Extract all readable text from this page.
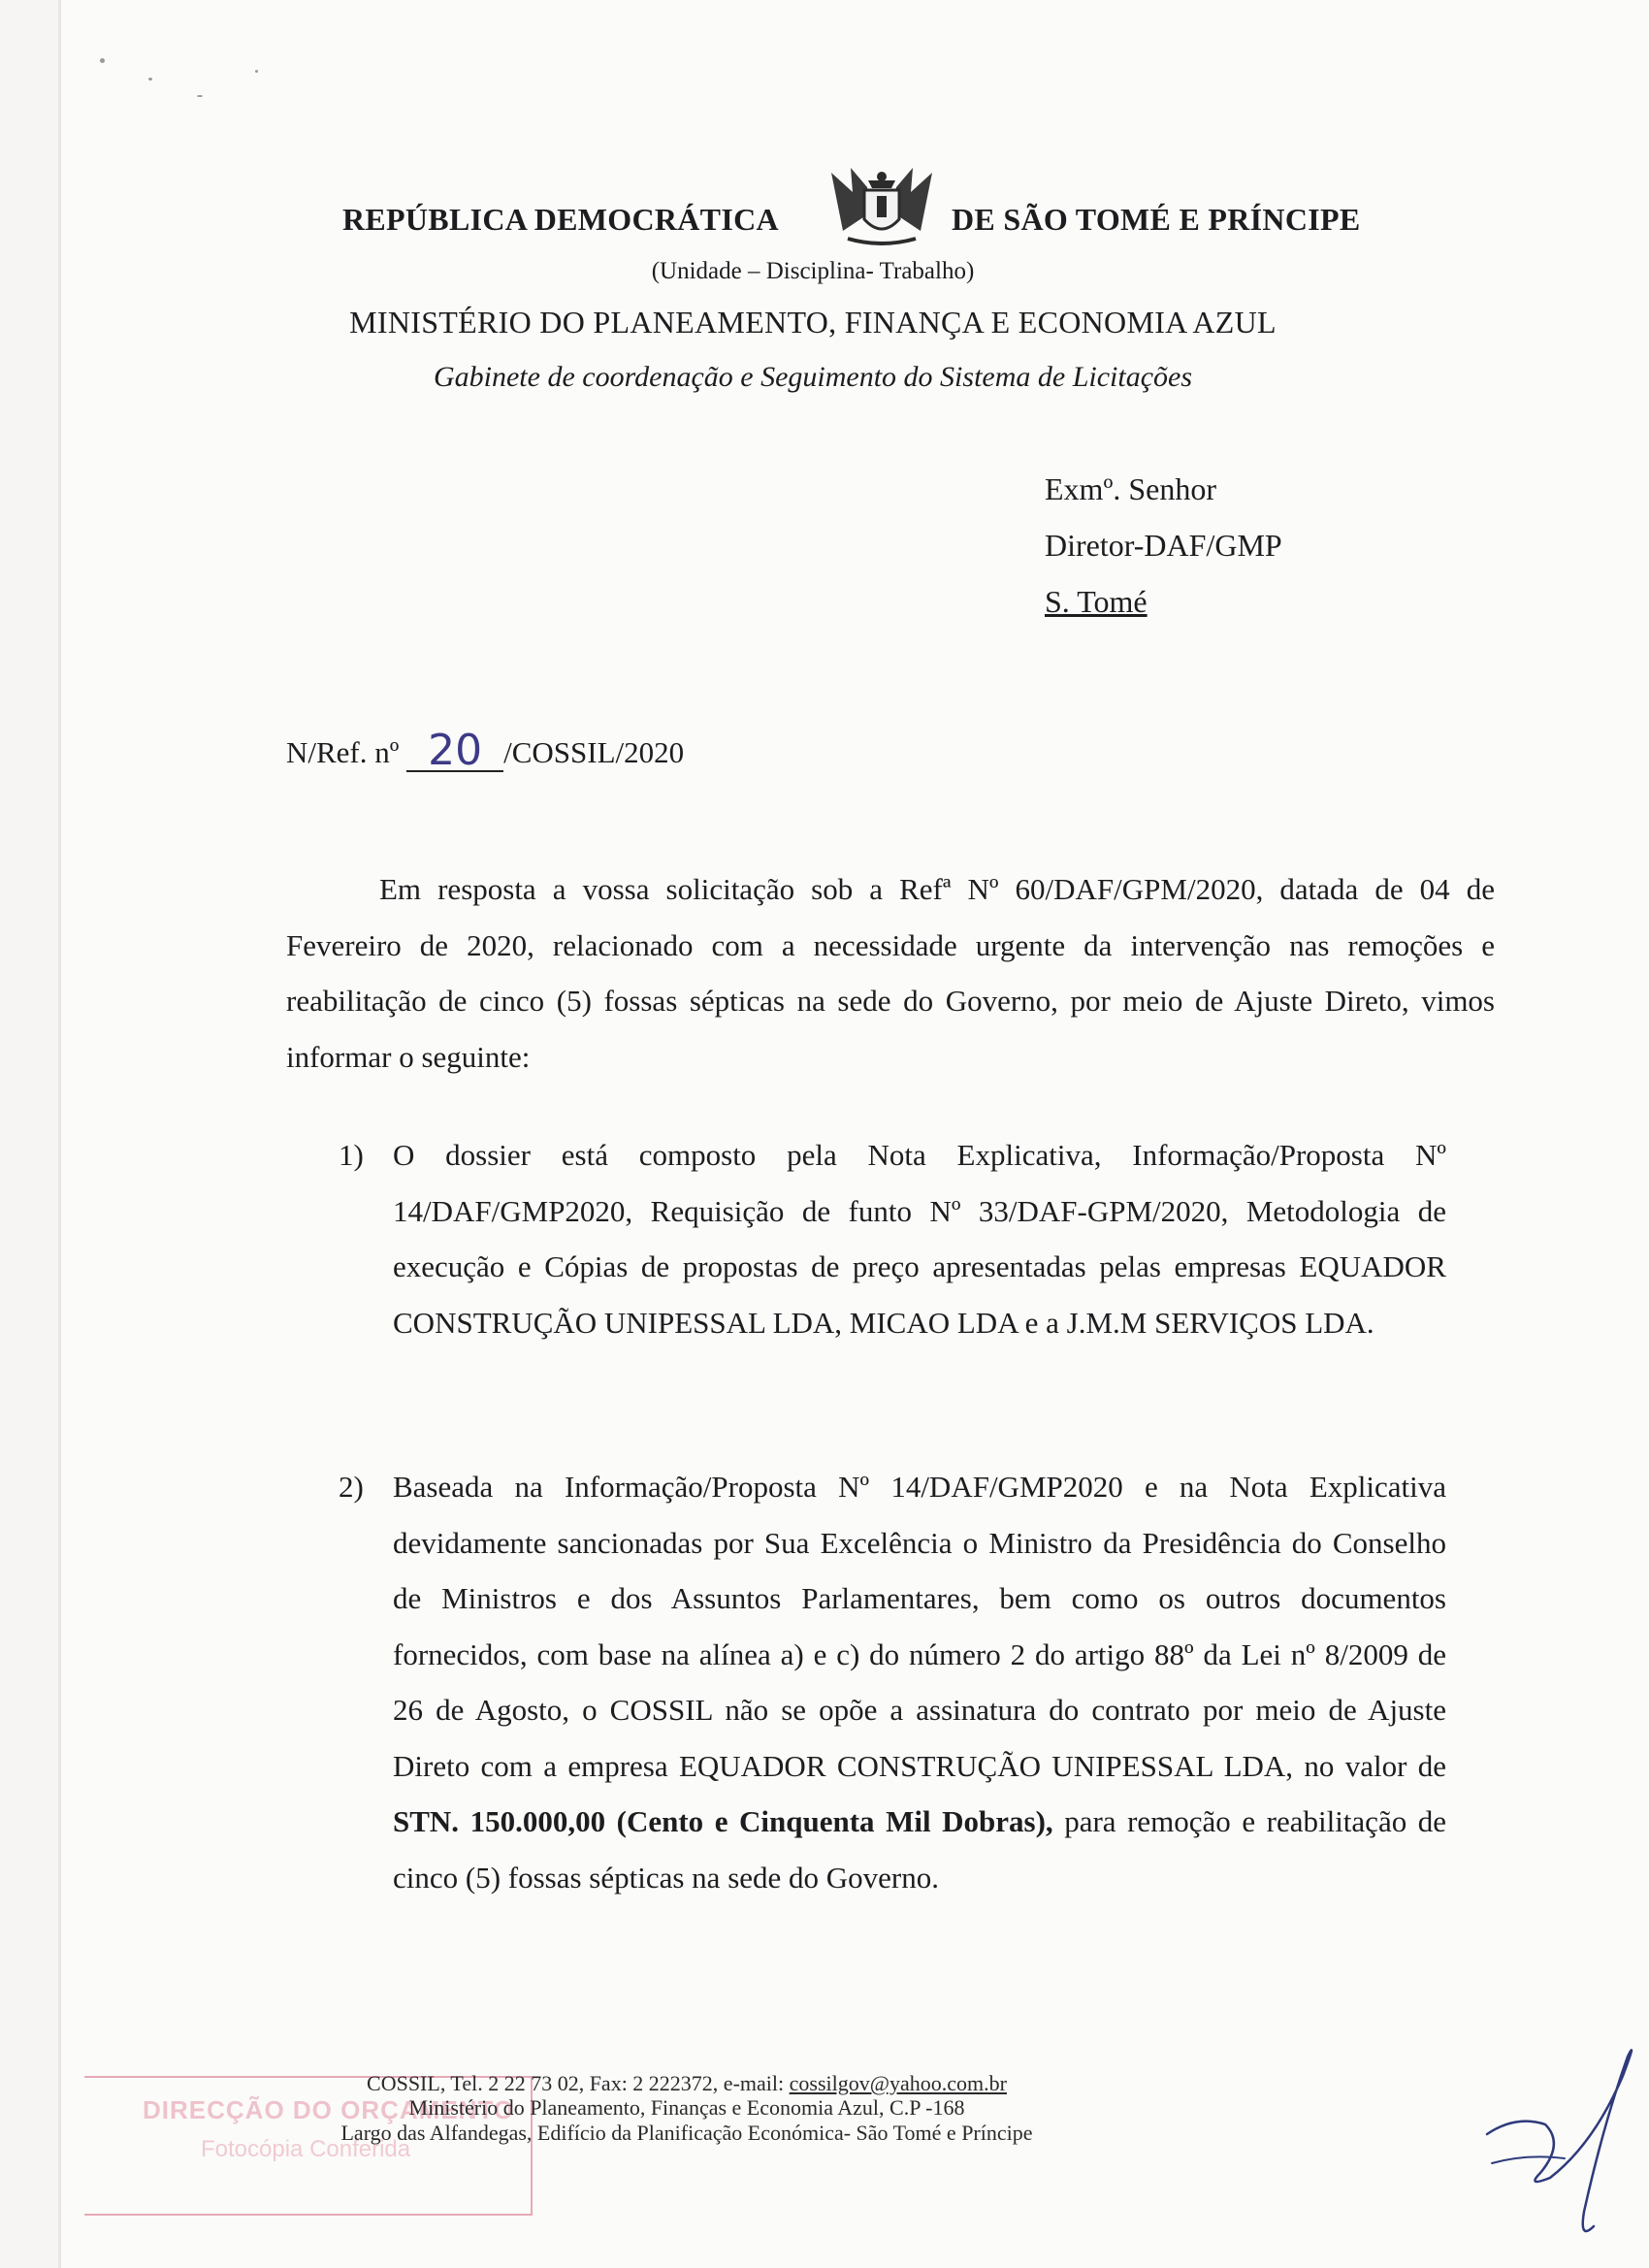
REPÚBLICA DEMOCRÁTICA	DE SÃO TOMÉ E PRÍNCIPE
(Unidade – Disciplina- Trabalho)
MINISTÉRIO DO PLANEAMENTO, FINANÇA E ECONOMIA AZUL
Gabinete de coordenação e Seguimento do Sistema de Licitações
Exmº. Senhor
Diretor-DAF/GMP
S. Tomé
N/Ref. nº 20 /COSSIL/2020
Em resposta a vossa solicitação sob a Refª Nº 60/DAF/GPM/2020, datada de 04 de Fevereiro de 2020, relacionado com a necessidade urgente da intervenção nas remoções e reabilitação de cinco (5) fossas sépticas na sede do Governo, por meio de Ajuste Direto, vimos informar o seguinte:
1) O dossier está composto pela Nota Explicativa, Informação/Proposta Nº 14/DAF/GMP2020, Requisição de funto Nº 33/DAF-GPM/2020, Metodologia de execução e Cópias de propostas de preço apresentadas pelas empresas EQUADOR CONSTRUÇÃO UNIPESSAL LDA, MICAO LDA e a J.M.M SERVIÇOS LDA.
2) Baseada na Informação/Proposta Nº 14/DAF/GMP2020 e na Nota Explicativa devidamente sancionadas por Sua Excelência o Ministro da Presidência do Conselho de Ministros e dos Assuntos Parlamentares, bem como os outros documentos fornecidos, com base na alínea a) e c) do número 2 do artigo 88º da Lei nº 8/2009 de 26 de Agosto, o COSSIL não se opõe a assinatura do contrato por meio de Ajuste Direto com a empresa EQUADOR CONSTRUÇÃO UNIPESSAL LDA, no valor de STN. 150.000,00 (Cento e Cinquenta Mil Dobras), para remoção e reabilitação de cinco (5) fossas sépticas na sede do Governo.
DIRECÇÃO DO ORÇAMENTO
Fotocópia Conferida
COSSIL, Tel. 2 22 73 02, Fax: 2 222372, e-mail: cossilgov@yahoo.com.br
Ministério do Planeamento, Finanças e Economia Azul, C.P -168
Largo das Alfandegas, Edifício da Planificação Económica- São Tomé e Príncipe
